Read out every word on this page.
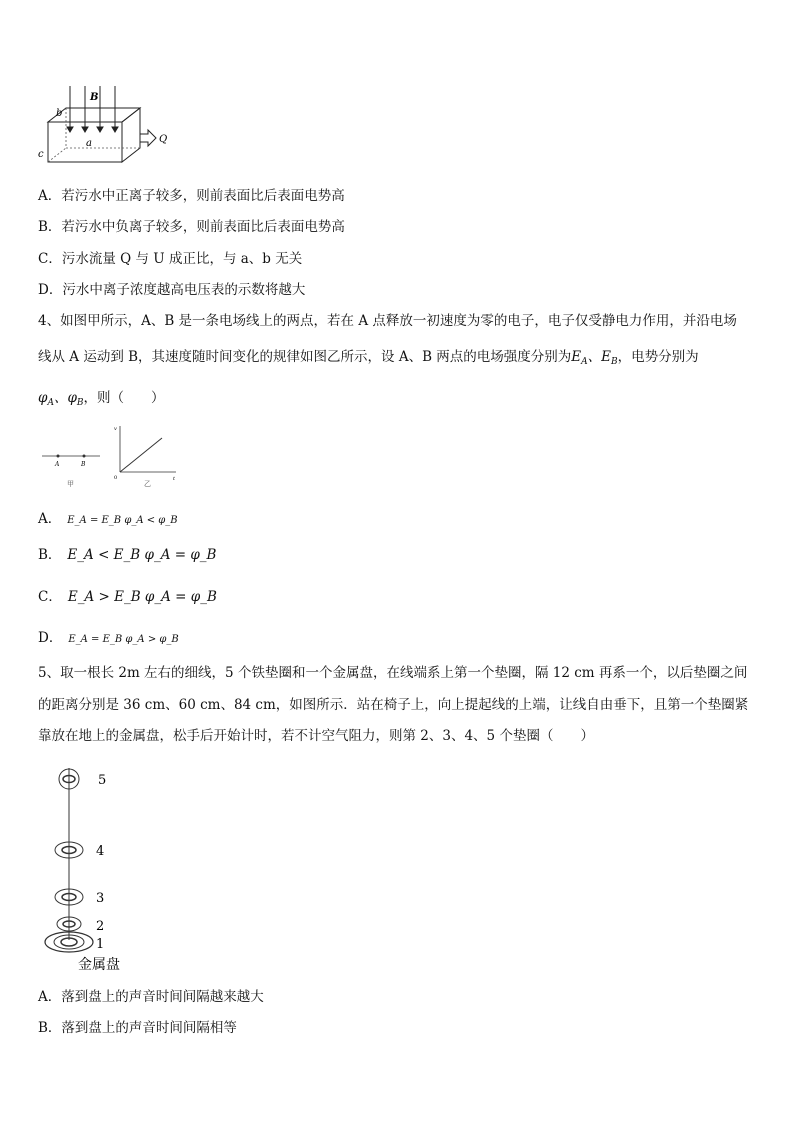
B
b
a
c
Q
A．若污水中正离子较多，则前表面比后表面电势高
B．若污水中负离子较多，则前表面比后表面电势高
C．污水流量 Q 与 U 成正比，与 a、b 无关
D．污水中离子浓度越高电压表的示数将越大
4、如图甲所示，A、B 是一条电场线上的两点，若在 A 点释放一初速度为零的电子，电子仅受静电力作用，并沿电场
线从 A 运动到 B，其速度随时间变化的规律如图乙所示，设 A、B 两点的电场强度分别为$E_A$、$E_B$，电势分别为
$\varphi_A$、$\varphi_B$，则（　　）
A	B
甲
v
t
0
乙
A． E_A = E_B φ_A < φ_B
B． E_A < E_B φ_A = φ_B
C． E_A > E_B φ_A = φ_B
D． E_A = E_B φ_A > φ_B
5、取一根长 2m 左右的细线，5 个铁垫圈和一个金属盘，在线端系上第一个垫圈，隔 12 cm 再系一个，以后垫圈之间
的距离分别是 36 cm、60 cm、84 cm，如图所示．站在椅子上，向上提起线的上端，让线自由垂下，且第一个垫圈紧
靠放在地上的金属盘，松手后开始计时，若不计空气阻力，则第 2、3、4、5 个垫圈（　　）
5
4
3
2
1
金属盘
A．落到盘上的声音时间间隔越来越大
B．落到盘上的声音时间间隔相等
